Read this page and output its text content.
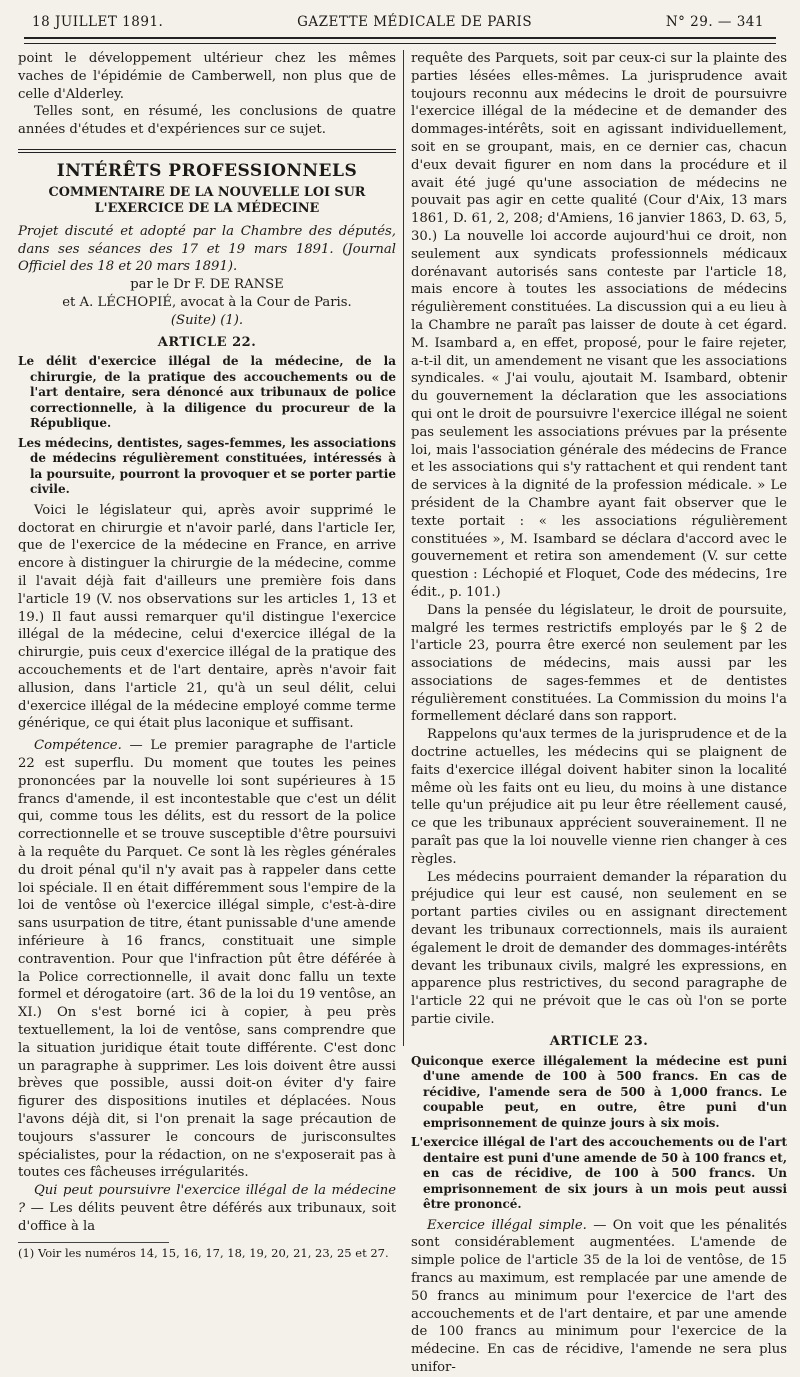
18 JUILLET 1891.	GAZETTE MÉDICALE DE PARIS	N° 29. — 341

point le développement ultérieur chez les mêmes vaches de l'épidémie de Camberwell, non plus que de celle d'Alderley.

Telles sont, en résumé, les conclusions de quatre années d'études et d'expériences sur ce sujet.

INTÉRÊTS PROFESSIONNELS
COMMENTAIRE DE LA NOUVELLE LOI SUR L'EXERCICE DE LA MÉDECINE

Projet discuté et adopté par la Chambre des députés, dans ses séances des 17 et 19 mars 1891. (Journal Officiel des 18 et 20 mars 1891).

par le Dr F. DE RANSE

et A. LÉCHOPIÉ, avocat à la Cour de Paris.

(Suite) (1).

ARTICLE 22.

Le délit d'exercice illégal de la médecine, de la chirurgie, de la pratique des accouchements ou de l'art dentaire, sera dénoncé aux tribunaux de police correctionnelle, à la diligence du procureur de la République.

Les médecins, dentistes, sages-femmes, les associations de médecins régulièrement constituées, intéressés à la poursuite, pourront la provoquer et se porter partie civile.

Voici le législateur qui, après avoir supprimé le doctorat en chirurgie et n'avoir parlé, dans l'article Ier, que de l'exercice de la médecine en France, en arrive encore à distinguer la chirurgie de la médecine, comme il l'avait déjà fait d'ailleurs une première fois dans l'article 19 (V. nos observations sur les articles 1, 13 et 19.) Il faut aussi remarquer qu'il distingue l'exercice illégal de la médecine, celui d'exercice illégal de la chirurgie, puis ceux d'exercice illégal de la pratique des accouchements et de l'art dentaire, après n'avoir fait allusion, dans l'article 21, qu'à un seul délit, celui d'exercice illégal de la médecine employé comme terme générique, ce qui était plus laconique et suffisant.

Compétence. — Le premier paragraphe de l'article 22 est superflu. Du moment que toutes les peines prononcées par la nouvelle loi sont supérieures à 15 francs d'amende, il est incontestable que c'est un délit qui, comme tous les délits, est du ressort de la police correctionnelle et se trouve susceptible d'être poursuivi à la requête du Parquet. Ce sont là les règles générales du droit pénal qu'il n'y avait pas à rappeler dans cette loi spéciale. Il en était différemment sous l'empire de la loi de ventôse où l'exercice illégal simple, c'est-à-dire sans usurpation de titre, étant punissable d'une amende inférieure à 16 francs, constituait une simple contravention. Pour que l'infraction pût être déférée à la Police correctionnelle, il avait donc fallu un texte formel et dérogatoire (art. 36 de la loi du 19 ventôse, an XI.) On s'est borné ici à copier, à peu près textuellement, la loi de ventôse, sans comprendre que la situation juridique était toute différente. C'est donc un paragraphe à supprimer. Les lois doivent être aussi brèves que possible, aussi doit-on éviter d'y faire figurer des dispositions inutiles et déplacées. Nous l'avons déjà dit, si l'on prenait la sage précaution de toujours s'assurer le concours de jurisconsultes spécialistes, pour la rédaction, on ne s'exposerait pas à toutes ces fâcheuses irrégularités.

Qui peut poursuivre l'exercice illégal de la médecine ? — Les délits peuvent être déférés aux tribunaux, soit d'office à la

(1) Voir les numéros 14, 15, 16, 17, 18, 19, 20, 21, 23, 25 et 27.

requête des Parquets, soit par ceux-ci sur la plainte des parties lésées elles-mêmes. La jurisprudence avait toujours reconnu aux médecins le droit de poursuivre l'exercice illégal de la médecine et de demander des dommages-intérêts, soit en agissant individuellement, soit en se groupant, mais, en ce dernier cas, chacun d'eux devait figurer en nom dans la procédure et il avait été jugé qu'une association de médecins ne pouvait pas agir en cette qualité (Cour d'Aix, 13 mars 1861, D. 61, 2, 208; d'Amiens, 16 janvier 1863, D. 63, 5, 30.) La nouvelle loi accorde aujourd'hui ce droit, non seulement aux syndicats professionnels médicaux dorénavant autorisés sans conteste par l'article 18, mais encore à toutes les associations de médecins régulièrement constituées. La discussion qui a eu lieu à la Chambre ne paraît pas laisser de doute à cet égard. M. Isambard a, en effet, proposé, pour le faire rejeter, a-t-il dit, un amendement ne visant que les associations syndicales. « J'ai voulu, ajoutait M. Isambard, obtenir du gouvernement la déclaration que les associations qui ont le droit de poursuivre l'exercice illégal ne soient pas seulement les associations prévues par la présente loi, mais l'association générale des médecins de France et les associations qui s'y rattachent et qui rendent tant de services à la dignité de la profession médicale. » Le président de la Chambre ayant fait observer que le texte portait : « les associations régulièrement constituées », M. Isambard se déclara d'accord avec le gouvernement et retira son amendement (V. sur cette question : Léchopié et Floquet, Code des médecins, 1re édit., p. 101.)

Dans la pensée du législateur, le droit de poursuite, malgré les termes restrictifs employés par le § 2 de l'article 23, pourra être exercé non seulement par les associations de médecins, mais aussi par les associations de sages-femmes et de dentistes régulièrement constituées. La Commission du moins l'a formellement déclaré dans son rapport.

Rappelons qu'aux termes de la jurisprudence et de la doctrine actuelles, les médecins qui se plaignent de faits d'exercice illégal doivent habiter sinon la localité même où les faits ont eu lieu, du moins à une distance telle qu'un préjudice ait pu leur être réellement causé, ce que les tribunaux apprécient souverainement. Il ne paraît pas que la loi nouvelle vienne rien changer à ces règles.

Les médecins pourraient demander la réparation du préjudice qui leur est causé, non seulement en se portant parties civiles ou en assignant directement devant les tribunaux correctionnels, mais ils auraient également le droit de demander des dommages-intérêts devant les tribunaux civils, malgré les expressions, en apparence plus restrictives, du second paragraphe de l'article 22 qui ne prévoit que le cas où l'on se porte partie civile.

ARTICLE 23.

Quiconque exerce illégalement la médecine est puni d'une amende de 100 à 500 francs. En cas de récidive, l'amende sera de 500 à 1,000 francs. Le coupable peut, en outre, être puni d'un emprisonnement de quinze jours à six mois.

L'exercice illégal de l'art des accouchements ou de l'art dentaire est puni d'une amende de 50 à 100 francs et, en cas de récidive, de 100 à 500 francs. Un emprisonnement de six jours à un mois peut aussi être prononcé.

Exercice illégal simple. — On voit que les pénalités sont considérablement augmentées. L'amende de simple police de l'article 35 de la loi de ventôse, de 15 francs au maximum, est remplacée par une amende de 50 francs au minimum pour l'exercice de l'art des accouchements et de l'art dentaire, et par une amende de 100 francs au minimum pour l'exercice de la médecine. En cas de récidive, l'amende ne sera plus unifor-
